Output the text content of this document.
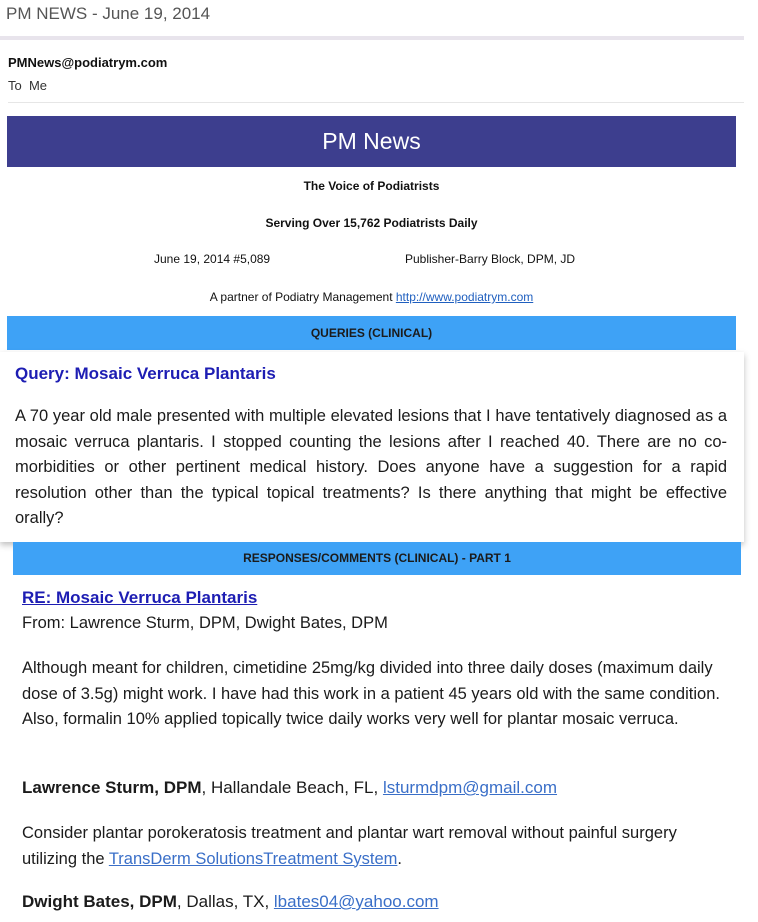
PM NEWS - June 19, 2014
PMNews@podiatrym.com
To  Me
PM News
The Voice of Podiatrists
Serving Over 15,762 Podiatrists Daily
June 19, 2014 #5,089	Publisher-Barry Block, DPM, JD
A partner of Podiatry Management http://www.podiatrym.com
QUERIES (CLINICAL)
Query: Mosaic Verruca Plantaris
A 70 year old male presented with multiple elevated lesions that I have tentatively diagnosed as a mosaic verruca plantaris. I stopped counting the lesions after I reached 40. There are no co-morbidities or other pertinent medical history. Does anyone have a suggestion for a rapid resolution other than the typical topical treatments? Is there anything that might be effective orally?
RESPONSES/COMMENTS (CLINICAL) - PART 1
RE: Mosaic Verruca Plantaris
From: Lawrence Sturm, DPM, Dwight Bates, DPM
Although meant for children, cimetidine 25mg/kg divided into three daily doses (maximum daily dose of 3.5g) might work. I have had this work in a patient 45 years old with the same condition. Also, formalin 10% applied topically twice daily works very well for plantar mosaic verruca.
Lawrence Sturm, DPM, Hallandale Beach, FL, lsturmdpm@gmail.com
Consider plantar porokeratosis treatment and plantar wart removal without painful surgery utilizing the TransDerm SolutionsTreatment System.
Dwight Bates, DPM, Dallas, TX, lbates04@yahoo.com
